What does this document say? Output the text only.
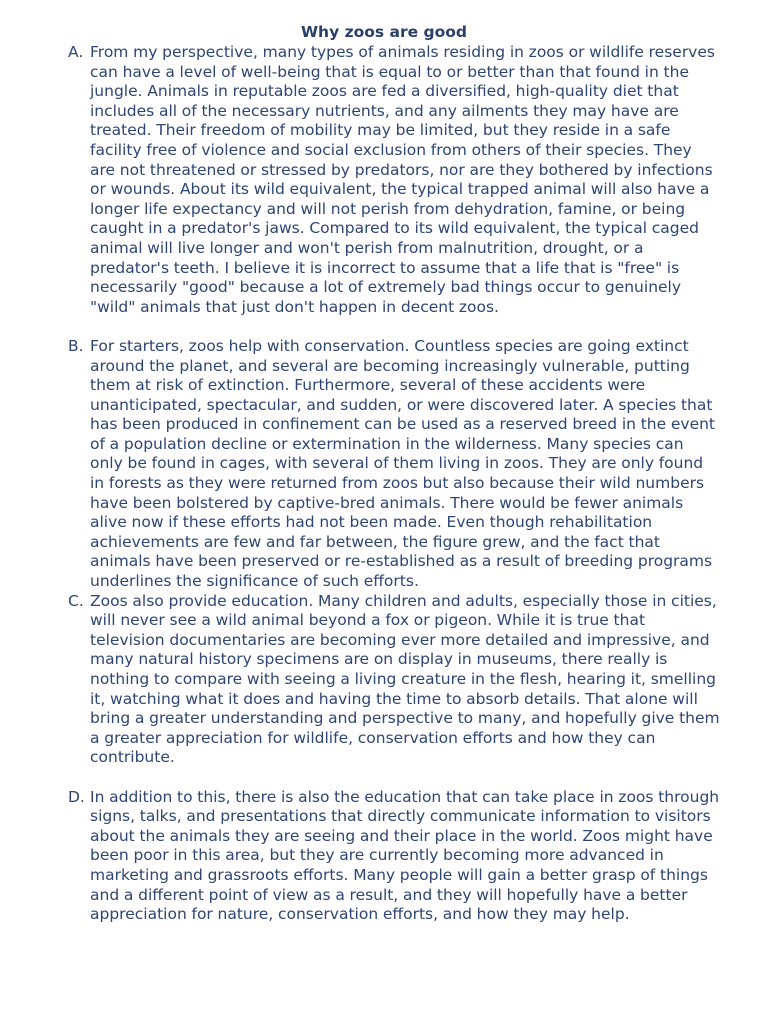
Why zoos are good
A. From my perspective, many types of animals residing in zoos or wildlife reserves can have a level of well-being that is equal to or better than that found in the jungle. Animals in reputable zoos are fed a diversified, high-quality diet that includes all of the necessary nutrients, and any ailments they may have are treated. Their freedom of mobility may be limited, but they reside in a safe facility free of violence and social exclusion from others of their species. They are not threatened or stressed by predators, nor are they bothered by infections or wounds. About its wild equivalent, the typical trapped animal will also have a longer life expectancy and will not perish from dehydration, famine, or being caught in a predator's jaws. Compared to its wild equivalent, the typical caged animal will live longer and won't perish from malnutrition, drought, or a predator's teeth. I believe it is incorrect to assume that a life that is "free" is necessarily "good" because a lot of extremely bad things occur to genuinely "wild" animals that just don't happen in decent zoos.
B. For starters, zoos help with conservation. Countless species are going extinct around the planet, and several are becoming increasingly vulnerable, putting them at risk of extinction. Furthermore, several of these accidents were unanticipated, spectacular, and sudden, or were discovered later. A species that has been produced in confinement can be used as a reserved breed in the event of a population decline or extermination in the wilderness. Many species can only be found in cages, with several of them living in zoos. They are only found in forests as they were returned from zoos but also because their wild numbers have been bolstered by captive-bred animals. There would be fewer animals alive now if these efforts had not been made. Even though rehabilitation achievements are few and far between, the figure grew, and the fact that animals have been preserved or re-established as a result of breeding programs underlines the significance of such efforts.
C. Zoos also provide education. Many children and adults, especially those in cities, will never see a wild animal beyond a fox or pigeon. While it is true that television documentaries are becoming ever more detailed and impressive, and many natural history specimens are on display in museums, there really is nothing to compare with seeing a living creature in the flesh, hearing it, smelling it, watching what it does and having the time to absorb details. That alone will bring a greater understanding and perspective to many, and hopefully give them a greater appreciation for wildlife, conservation efforts and how they can contribute.
D. In addition to this, there is also the education that can take place in zoos through signs, talks, and presentations that directly communicate information to visitors about the animals they are seeing and their place in the world. Zoos might have been poor in this area, but they are currently becoming more advanced in marketing and grassroots efforts. Many people will gain a better grasp of things and a different point of view as a result, and they will hopefully have a better appreciation for nature, conservation efforts, and how they may help.
